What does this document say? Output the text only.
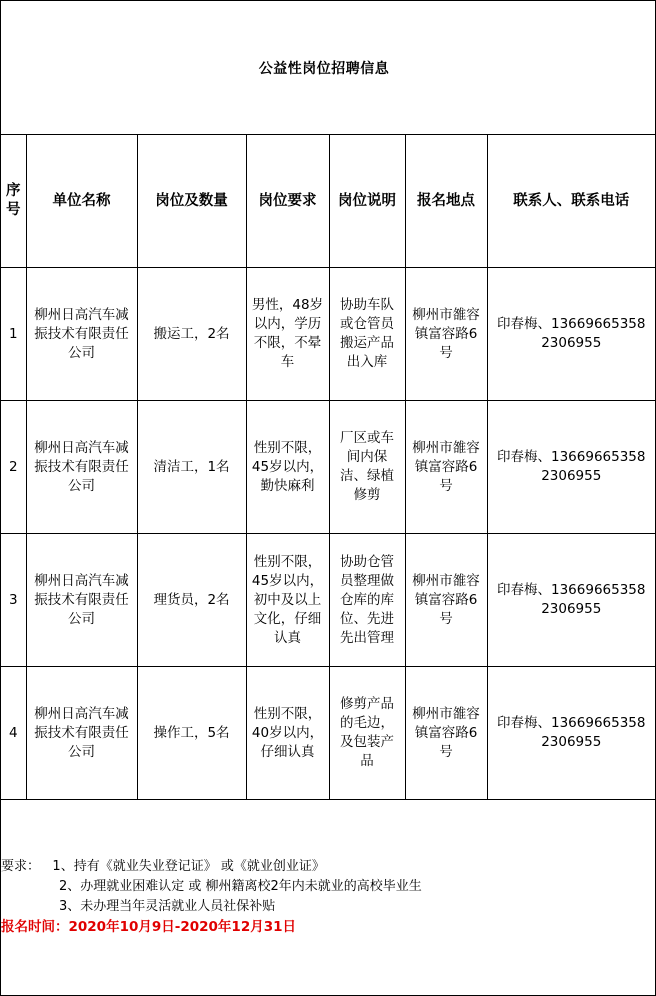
公益性岗位招聘信息
序号	单位名称	岗位及数量	岗位要求	岗位说明	报名地点	联系人、联系电话
1	柳州日高汽车减振技术有限责任公司	搬运工，2名	男性，48岁以内，学历不限，不晕车	协助车队或仓管员搬运产品出入库	柳州市雒容镇富容路6号	印春梅、13669665358 2306955
2	柳州日高汽车减振技术有限责任公司	清洁工，1名	性别不限，45岁以内，勤快麻利	厂区或车间内保洁、绿植修剪	柳州市雒容镇富容路6号	印春梅、13669665358 2306955
3	柳州日高汽车减振技术有限责任公司	理货员，2名	性别不限，45岁以内，初中及以上文化，仔细认真	协助仓管员整理做仓库的库位、先进先出管理	柳州市雒容镇富容路6号	印春梅、13669665358 2306955
4	柳州日高汽车减振技术有限责任公司	操作工，5名	性别不限，40岁以内，仔细认真	修剪产品的毛边，及包装产品	柳州市雒容镇富容路6号	印春梅、13669665358 2306955
要求： 1、持有《就业失业登记证》 或《就业创业证》
2、办理就业困难认定 或 柳州籍离校2年内未就业的高校毕业生
3、未办理当年灵活就业人员社保补贴
报名时间：2020年10月9日-2020年12月31日
